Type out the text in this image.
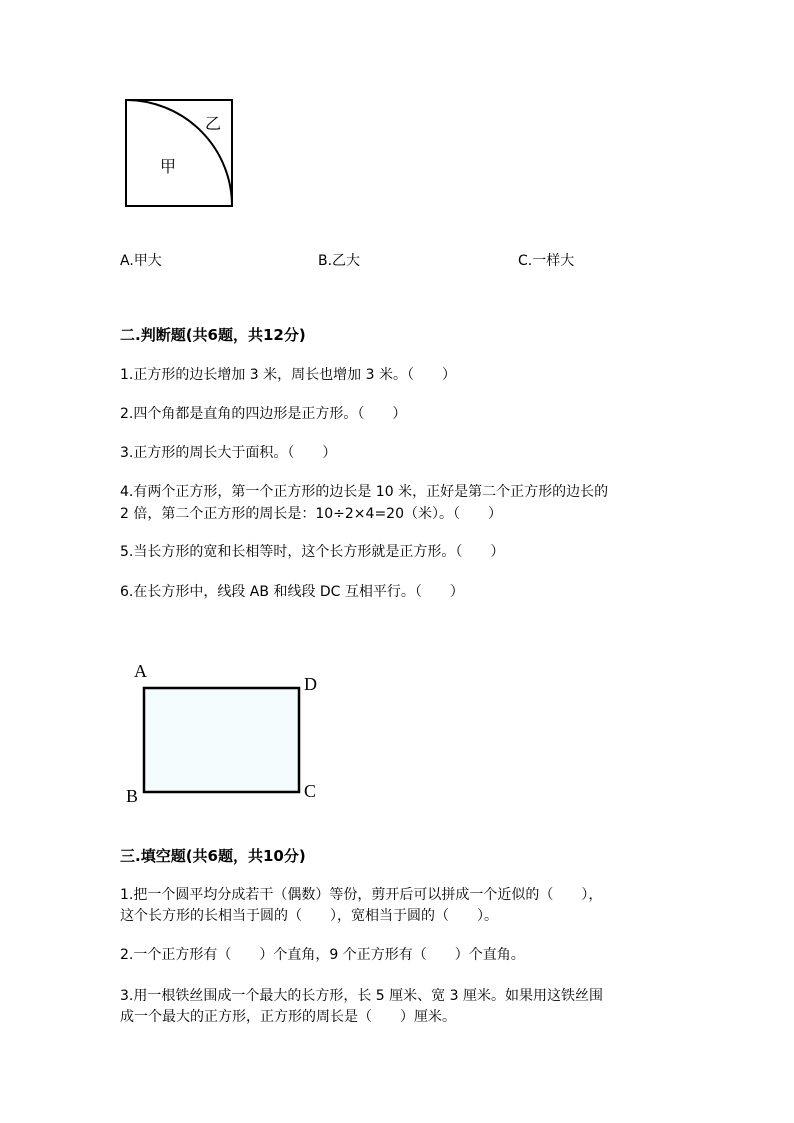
乙
甲
A.甲大	B.乙大	C.一样大
二.判断题(共6题，共12分)
1.正方形的边长增加 3 米，周长也增加 3 米。（　　）
2.四个角都是直角的四边形是正方形。（　　）
3.正方形的周长大于面积。（　　）
4.有两个正方形，第一个正方形的边长是 10 米，正好是第二个正方形的边长的
2 倍，第二个正方形的周长是：10÷2×4=20（米）。（　　）
5.当长方形的宽和长相等时，这个长方形就是正方形。（　　）
6.在长方形中，线段 AB 和线段 DC 互相平行。（　　）
A
D
B	C
三.填空题(共6题，共10分)
1.把一个圆平均分成若干（偶数）等份，剪开后可以拼成一个近似的（　　），
这个长方形的长相当于圆的（　　），宽相当于圆的（　　）。
2.一个正方形有（　　）个直角，9 个正方形有（　　）个直角。
3.用一根铁丝围成一个最大的长方形，长 5 厘米、宽 3 厘米。如果用这铁丝围
成一个最大的正方形，正方形的周长是（　　）厘米。
